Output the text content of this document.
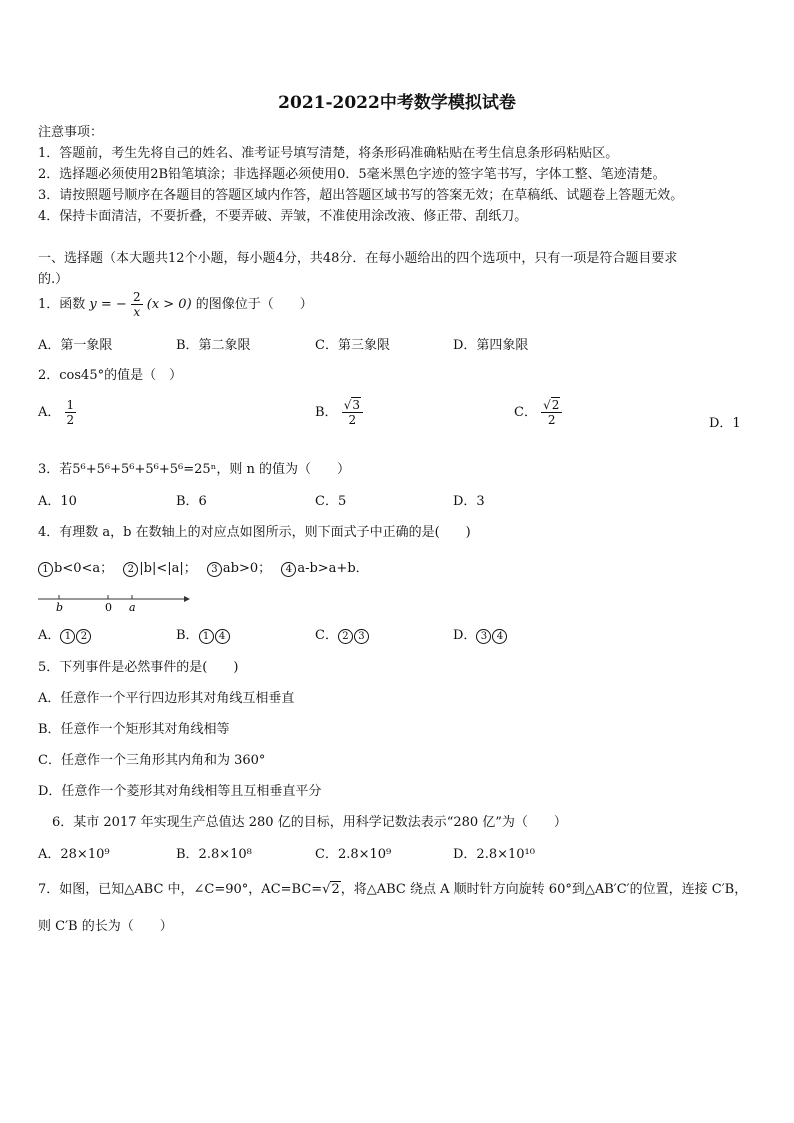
2021-2022中考数学模拟试卷
注意事项：
1．答题前，考生先将自己的姓名、准考证号填写清楚，将条形码准确粘贴在考生信息条形码粘贴区。
2．选择题必须使用2B铅笔填涂；非选择题必须使用0．5毫米黑色字迹的签字笔书写，字体工整、笔迹清楚。
3．请按照题号顺序在各题目的答题区域内作答，超出答题区域书写的答案无效；在草稿纸、试题卷上答题无效。
4．保持卡面清洁，不要折叠，不要弄破、弄皱，不准使用涂改液、修正带、刮纸刀。
一、选择题（本大题共12个小题，每小题4分，共48分．在每小题给出的四个选项中，只有一项是符合题目要求
的.）
1．函数 y = − $\frac{2}{x} (x > 0)$ 的图像位于（　　）
A．第一象限	B．第二象限	C．第三象限	D．第四象限
2．cos45°的值是（　）
A． $\frac{1}{2}$	B． $\frac{√3}{2}$	C． $\frac{√2}{2}$	D．1
3．若5⁶+5⁶+5⁶+5⁶+5⁶=25ⁿ，则 n 的值为（　　）
A．10	B．6	C．5	D．3
4．有理数 a，b 在数轴上的对应点如图所示，则下面式子中正确的是(　　)
1 b<0<a； 2 |b|<|a|； 3 ab>0； 4 a-b>a+b．
b	0 a
A． 1 2	B． 1 4	C． 2 3	D． 3 4
5．下列事件是必然事件的是(　　)
A．任意作一个平行四边形其对角线互相垂直
B．任意作一个矩形其对角线相等
C．任意作一个三角形其内角和为 360°
D．任意作一个菱形其对角线相等且互相垂直平分
6．某市 2017 年实现生产总值达 280 亿的目标，用科学记数法表示“280 亿”为（　　）
A．28×10⁹	B．2.8×10⁸	C．2.8×10⁹	D．2.8×10¹⁰
7．如图，已知△ABC 中，∠C=90°，AC=BC=√2，将△ABC 绕点 A 顺时针方向旋转 60°到△AB′C′的位置，连接 C′B，
则 C′B 的长为（　　）
